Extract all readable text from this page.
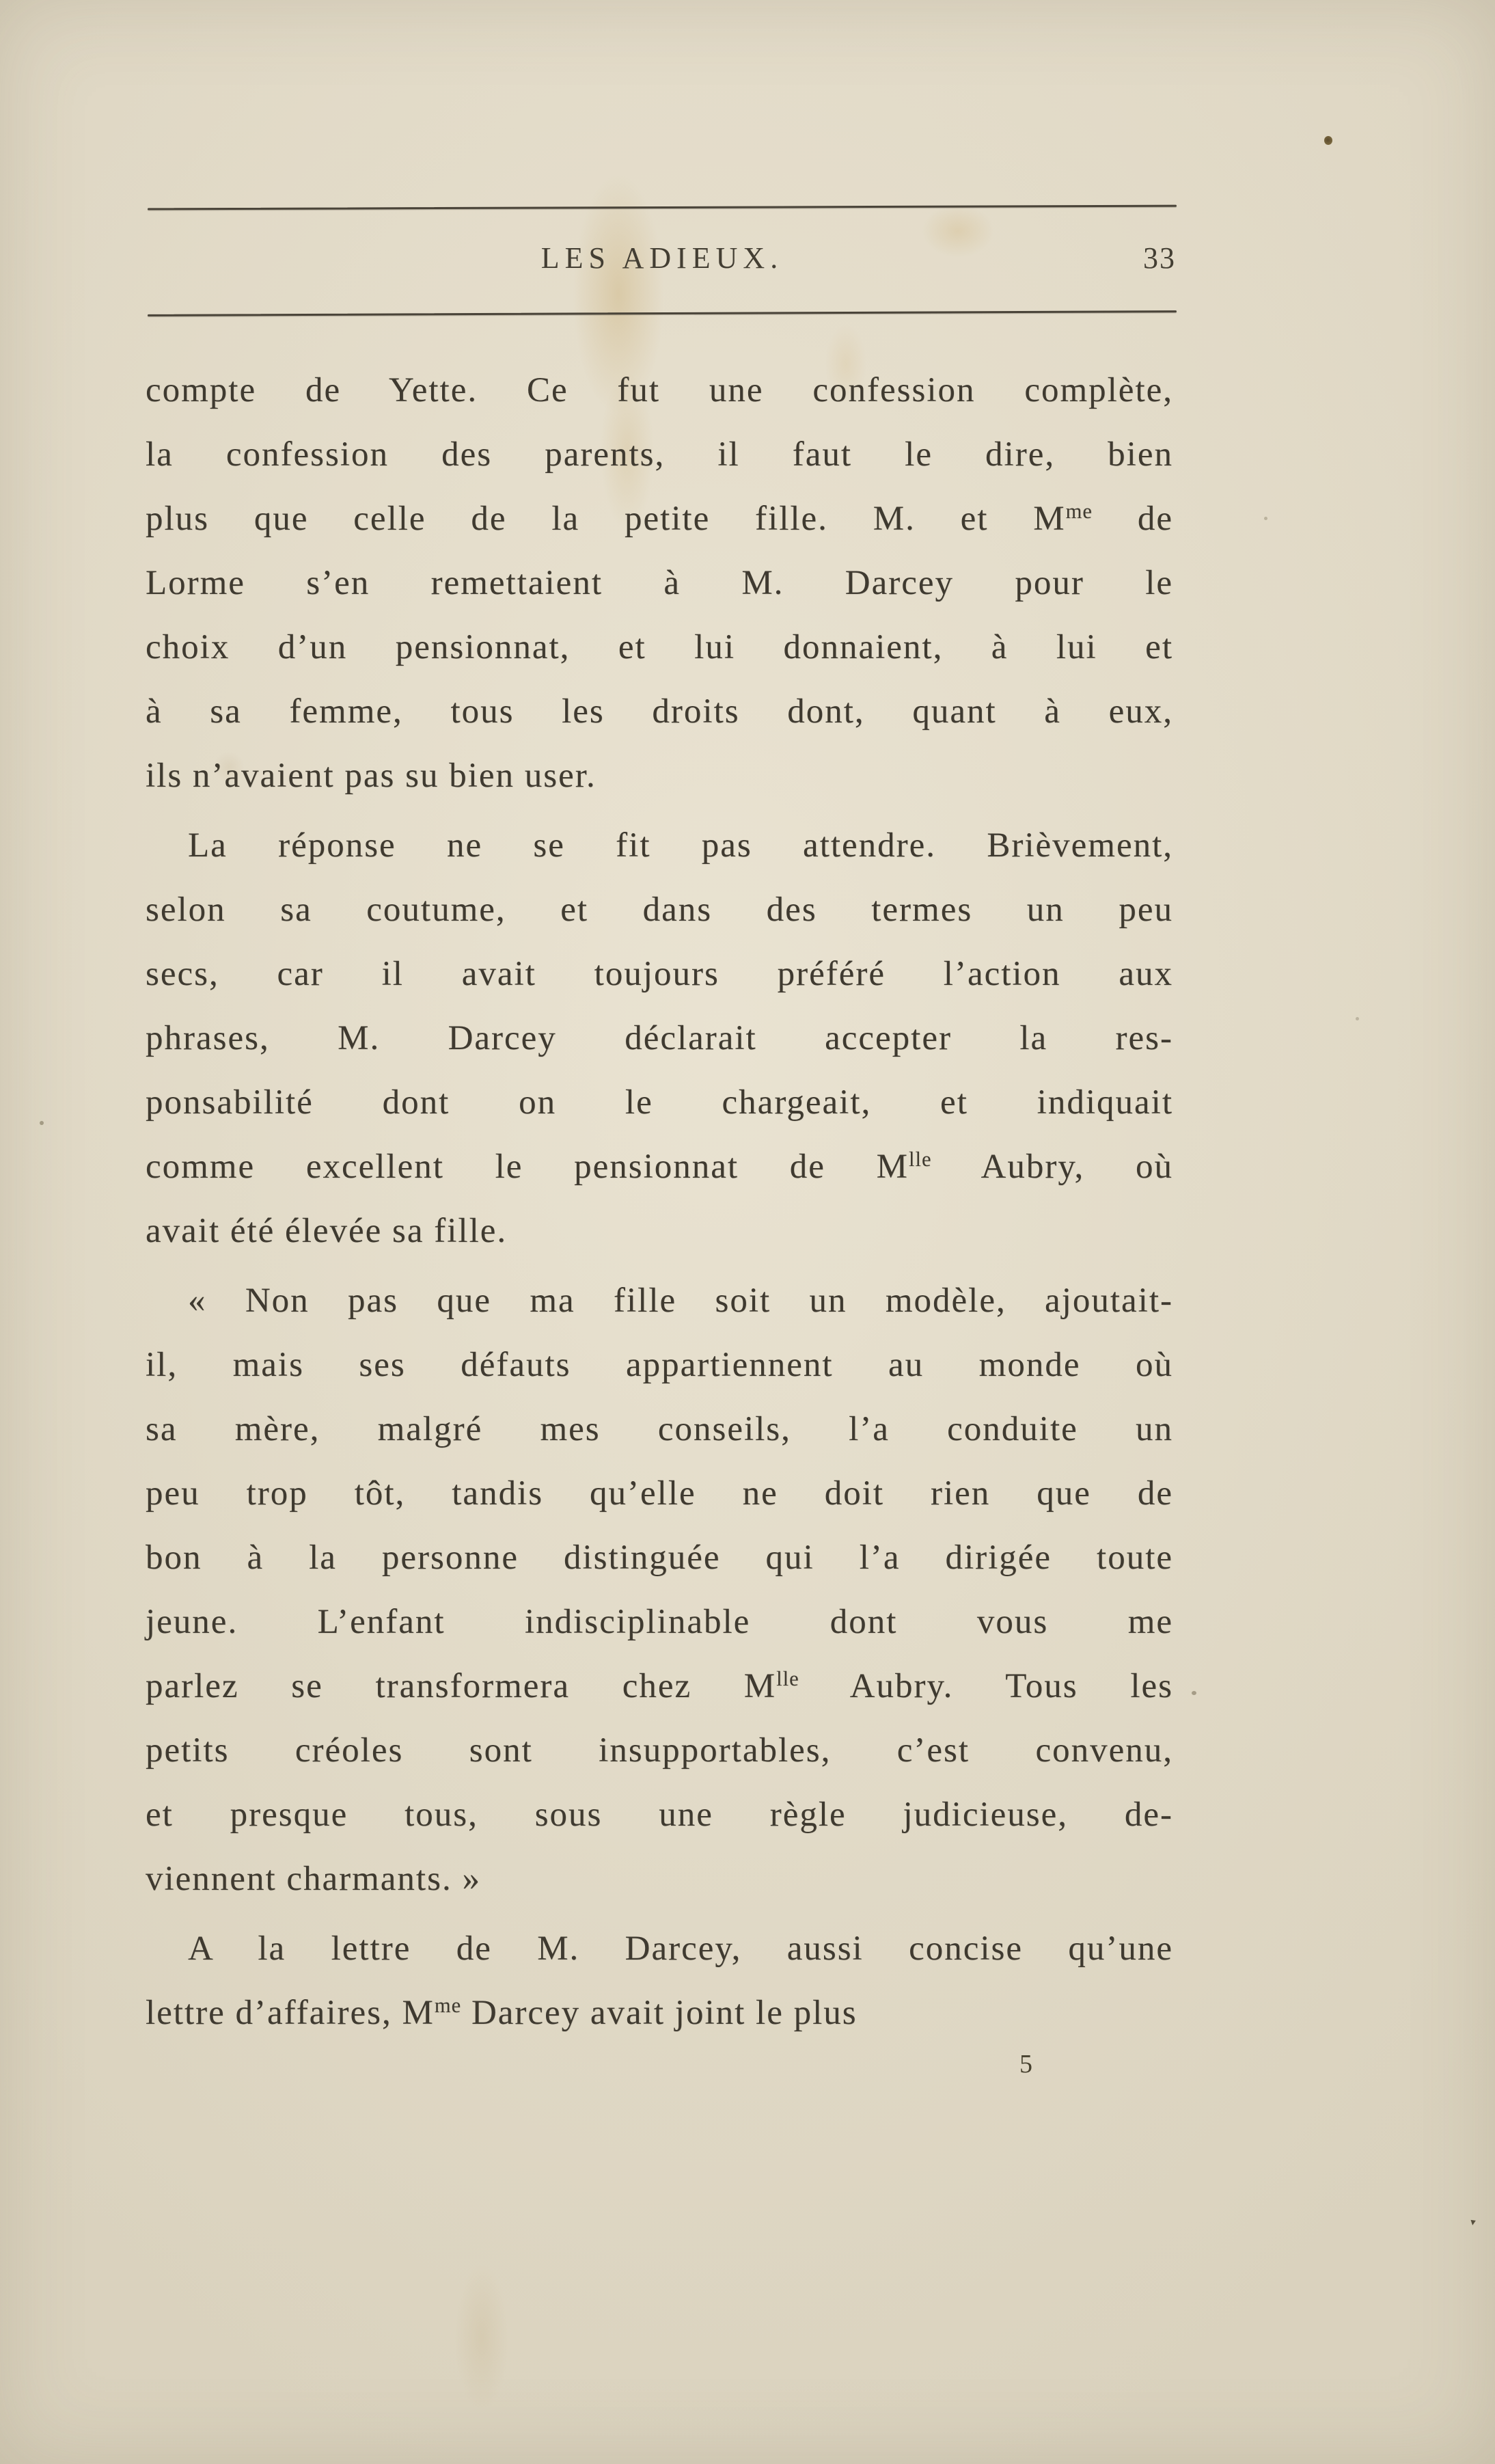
LES ADIEUX.	33
compte de Yette. Ce fut une confession complète,
la confession des parents, il faut le dire, bien
plus que celle de la petite fille. M. et $M^{me}$ de
Lorme s’en remettaient à M. Darcey pour le
choix d’un pensionnat, et lui donnaient, à lui et
à sa femme, tous les droits dont, quant à eux,
ils n’avaient pas su bien user.
La réponse ne se fit pas attendre. Brièvement,
selon sa coutume, et dans des termes un peu
secs, car il avait toujours préféré l’action aux
phrases, M. Darcey déclarait accepter la res-
ponsabilité dont on le chargeait, et indiquait
comme excellent le pensionnat de $M^{lle}$ Aubry, où
avait été élevée sa fille.
« Non pas que ma fille soit un modèle, ajoutait-
il, mais ses défauts appartiennent au monde où
sa mère, malgré mes conseils, l’a conduite un
peu trop tôt, tandis qu’elle ne doit rien que de
bon à la personne distinguée qui l’a dirigée toute
jeune. L’enfant indisciplinable dont vous me
parlez se transformera chez $M^{lle}$ Aubry. Tous les
petits créoles sont insupportables, c’est convenu,
et presque tous, sous une règle judicieuse, de-
viennent charmants. »
A la lettre de M. Darcey, aussi concise qu’une
lettre d’affaires, $M^{me}$ Darcey avait joint le plus
5
▾
